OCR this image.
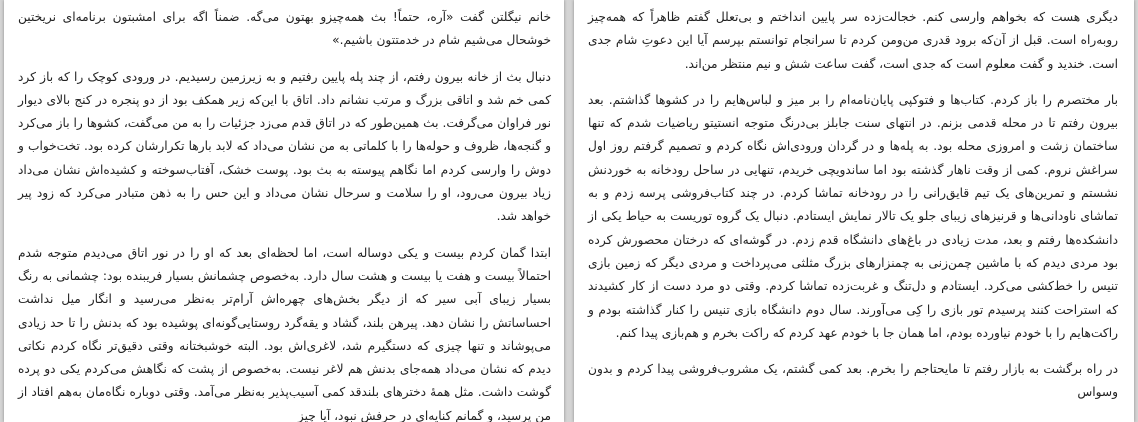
خانم نیگلتن گفت «آره، حتماً! بث همه‌چیزو بهتون می‌گه. ضمناً اگه برای امشبتون برنامه‌ای نریختین خوشحال می‌شیم شام در خدمتتون باشیم.»

دنبال بث از خانه بیرون رفتم، از چند پله پایین رفتیم و به زیرزمین رسیدیم. در ورودی کوچک را که باز کرد کمی خم شد و اتاقی بزرگ و مرتب نشانم داد. اتاق با این‌که زیر همکف بود از دو پنجره در کنج بالای دیوار نور فراوان می‌گرفت. بث همین‌طور که در اتاق قدم می‌زد جزئیات را به من می‌گفت، کشوها را باز می‌کرد و گنجه‌ها، ظروف و حوله‌ها را با کلماتی به من نشان می‌داد که لابد بارها تکرارشان کرده بود. تخت‌خواب و دوش را وارسی کردم اما نگاهم پیوسته به بث بود. پوست خشک، آفتاب‌سوخته و کشیده‌اش نشان می‌داد زیاد بیرون می‌رود، او را سلامت و سرحال نشان می‌داد و این حس را به ذهن متبادر می‌کرد که زود پیر خواهد شد.

ابتدا گمان کردم بیست و یکی دوساله است، اما لحظه‌ای بعد که او را در نور اتاق می‌دیدم متوجه شدم احتمالاً بیست و هفت یا بیست و هشت سال دارد. به‌خصوص چشمانش بسیار فریبنده بود: چشمانی به رنگ بسیار زیبای آبی سیر که از دیگر بخش‌های چهره‌اش آرام‌تر به‌نظر می‌رسید و انگار میل نداشت احساساتش را نشان دهد. پیرهن بلند، گشاد و یقه‌گرد روستایی‌گونه‌ای پوشیده بود که بدنش را تا حد زیادی می‌پوشاند و تنها چیزی که دستگیرم شد، لاغری‌اش بود. البته خوشبختانه وقتی دقیق‌تر نگاه کردم نکاتی دیدم که نشان می‌داد همه‌جای بدنش هم لاغر نیست. به‌خصوص از پشت که نگاهش می‌کردم یکی دو پرده گوشت داشت. مثل همهٔ دخترهای بلندقد کمی آسیب‌پذیر به‌نظر می‌آمد. وقتی دوباره نگاه‌مان به‌هم افتاد از من پرسید، و گمانم کنایه‌ای در حرفش نبود، آیا چیز

دیگری هست که بخواهم وارسی کنم. خجالت‌زده سر پایین انداختم و بی‌تعلل گفتم ظاهراً که همه‌چیز روبه‌راه است. قبل از آن‌که برود قدری من‌ومن کردم تا سرانجام توانستم بپرسم آیا این دعوتِ شام جدی است. خندید و گفت معلوم است که جدی است، گفت ساعت شش و نیم منتظر من‌اند.

بار مختصرم را باز کردم. کتاب‌ها و فتوکپی پایان‌نامه‌ام را بر میز و لباس‌هایم را در کشوها گذاشتم. بعد بیرون رفتم تا در محله قدمی بزنم. در انتهای سنت جابلز بی‌درنگ متوجه انستیتو ریاضیات شدم که تنها ساختمان زشت و امروزی محله بود. به پله‌ها و در گردان ورودی‌اش نگاه کردم و تصمیم گرفتم روز اول سراغش نروم. کمی از وقت ناهار گذشته بود اما ساندویچی خریدم، تنهایی در ساحل رودخانه به خوردنش نشستم و تمرین‌های یک تیم قایق‌رانی را در رودخانه تماشا کردم. در چند کتاب‌فروشی پرسه زدم و به تماشای ناودانی‌ها و قرنیزهای زیبای جلو یک تالار نمایش ایستادم. دنبال یک گروه توریست به حیاط یکی از دانشکده‌ها رفتم و بعد، مدت زیادی در باغ‌های دانشگاه قدم زدم. در گوشه‌ای که درختان محصورش کرده بود مردی دیدم که با ماشین چمن‌زنی به چمنزارهای بزرگ مثلثی می‌پرداخت و مردی دیگر که زمین بازی تنیس را خط‌کشی می‌کرد. ایستادم و دل‌تنگ و غربت‌زده تماشا کردم. وقتی دو مرد دست از کار کشیدند که استراحت کنند پرسیدم تور بازی را کِی می‌آورند. سال دوم دانشگاه بازی تنیس را کنار گذاشته بودم و راکت‌هایم را با خودم نیاورده بودم، اما همان جا با خودم عهد کردم که راکت بخرم و هم‌بازی پیدا کنم.

در راه برگشت به بازار رفتم تا مایحتاجم را بخرم. بعد کمی گشتم، یک مشروب‌فروشی پیدا کردم و بدون وسواس
